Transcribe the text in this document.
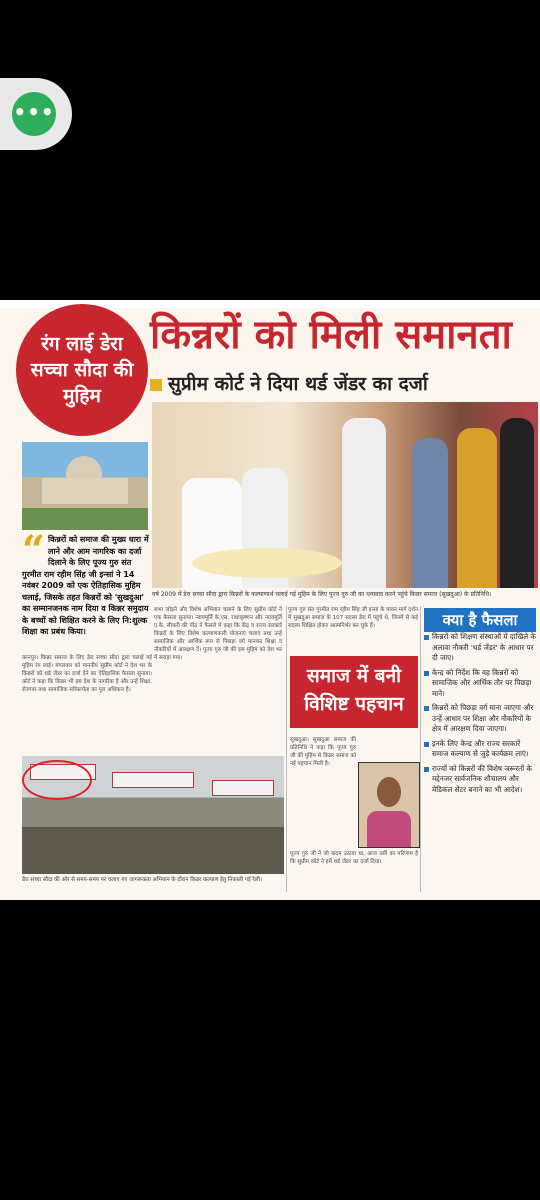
•••
रंग लाई डेरा सच्चा सौदा की मुहिम
किन्नरों को मिली समानता
सुप्रीम कोर्ट ने दिया थर्ड जेंडर का दर्जा
वर्ष 2009 में डेरा सच्चा सौदा द्वारा किन्नरों के कल्याणार्थ चलाई गई मुहिम के लिए पूज्य गुरु जी का धन्यवाद करने पहुंचे किन्नर समाज (सुखदुआ) के प्रतिनिधि।
“ किन्नरों को समाज की मुख्य धारा में लाने और आम नागरिक का दर्जा दिलाने के लिए पूज्य गुरु संत गुरमीत राम रहीम सिंह जी इन्सां ने 14 नवंबर 2009 को एक ऐतिहासिक मुहिम चलाई, जिसके तहत किन्नरों को 'सुखदुआ' का सम्मानजनक नाम दिया व किन्नर समुदाय के बच्चों को शिक्षित करने के लिए नि:शुल्क शिक्षा का प्रबंध किया।
कानपुर। किन्नर समाज के लिए डेरा सच्चा सौदा द्वारा चलाई गई मुहिम रंग लाई। मंगलवार को माननीय सुप्रीम कोर्ट ने देश भर के किन्नरों को थर्ड जेंडर का दर्जा देने का ऐतिहासिक फैसला सुनाया। कोर्ट ने कहा कि किन्नर भी इस देश के नागरिक हैं और उन्हें शिक्षा, रोजगार तथा सामाजिक स्वीकार्यता का पूरा अधिकार है।
सभा जोड़ने और विशेष अभियान चलाने के लिए सुप्रीम कोर्ट ने एक फैसला सुनाया। न्यायमूर्ति के.एस. राधाकृष्णन और न्यायमूर्ति ए.के. सीकरी की पीठ ने फैसले में कहा कि केंद्र व राज्य सरकारें किन्नरों के लिए विशेष कल्याणकारी योजनाएं चलाएं तथा उन्हें सामाजिक और आर्थिक रूप से पिछड़ा वर्ग मानकर शिक्षा व नौकरियों में आरक्षण दें। पूज्य गुरु जी की इस मुहिम को देश भर में सराहा गया।
पूज्य गुरु संत गुरमीत राम रहीम सिंह जी इन्सां के पावन मार्ग दर्शन में सुखदुआ समाज के 107 सदस्य डेरा में पहुंचे थे, जिनमें से कई सदस्य शिक्षित होकर आत्मनिर्भर बन चुके हैं।
डेरा सच्चा सौदा की ओर से समय-समय पर चलाए गए जागरूकता अभियान के दौरान किन्नर कल्याण हेतु निकाली गई रैली।
समाज में बनी विशिष्ट पहचान
सुखदुआ। सुखदुआ समाज की प्रतिनिधि ने कहा कि पूज्य गुरु जी की मुहिम से किन्नर समाज को नई पहचान मिली है।
पूज्य गुरु जी ने जो कदम उठाया था, आज उसी का परिणाम है कि सुप्रीम कोर्ट ने हमें थर्ड जेंडर का दर्जा दिया।
क्या है फैसला
किन्नरों को शिक्षण संस्थाओं में दाखिले के अलावा नौकरी 'थर्ड जेंडर' के आधार पर दी जाए।
केन्द्र को निर्देश कि वह किन्नरों को सामाजिक और आर्थिक तौर पर पिछड़ा माने।
किन्नरों को पिछड़ा वर्ग माना जाएगा और उन्हें आधार पर शिक्षा और नौकरियों के क्षेत्र में आरक्षण दिया जाएगा।
इनके लिए केन्द्र और राज्य सरकारें समाज कल्याण से जुड़े कार्यक्रम लाएं।
राज्यों को किन्नरों की विशेष जरूरतों के मद्देनजर सार्वजनिक शौचालय और मेडिकल सेंटर बनाने का भी आदेश।
